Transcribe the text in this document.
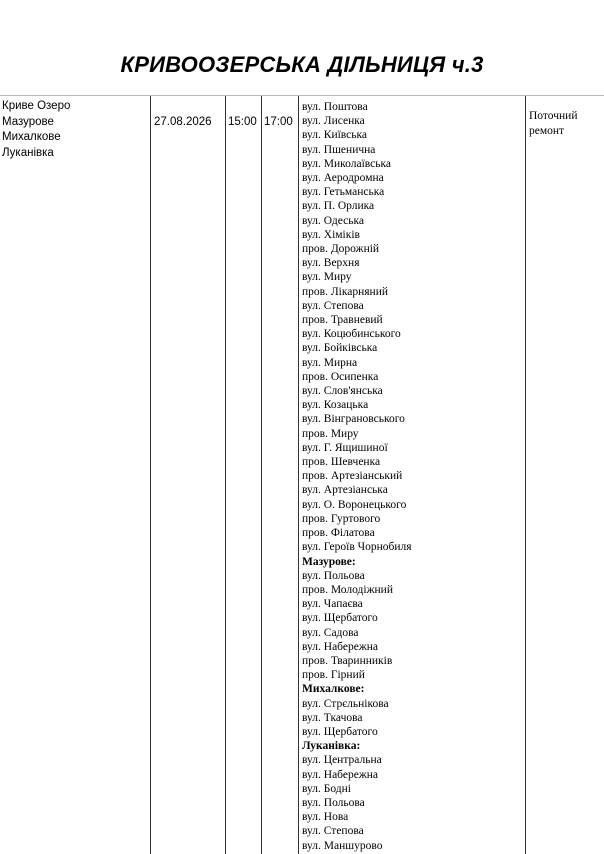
КРИВООЗЕРСЬКА ДІЛЬНИЦЯ ч.3
Криве Озеро
Мазурове
Михалкове
Луканівка
27.08.2026 15:00 17:00
вул. Поштова
вул. Лисенка
вул. Київська
вул. Пшенична
вул. Миколаївська
вул. Аеродромна
вул. Гетьманська
вул. П. Орлика
вул. Одеська
вул. Хіміків
пров. Дорожній
вул. Верхня
вул. Миру
пров. Лікарняний
вул. Степова
пров. Травневий
вул. Коцюбинського
вул. Бойківська
вул. Мирна
пров. Осипенка
вул. Слов'янська
вул. Козацька
вул. Вінграновського
пров. Миру
вул. Г. Ящишиної
пров. Шевченка
пров. Артезіанський
вул. Артезіанська
вул. О. Воронецького
пров. Гуртового
пров. Філатова
вул. Героїв Чорнобиля
Мазурове:
вул. Польова
пров. Молодіжний
вул. Чапаєва
вул. Щербатого
вул. Садова
вул. Набережна
пров. Тваринників
пров. Гірний
Михалкове:
вул. Стрєльнікова
вул. Ткачова
вул. Щербатого
Луканівка:
вул. Центральна
вул. Набережна
вул. Бодні
вул. Польова
вул. Нова
вул. Степова
вул. Маншурово
Поточний
ремонт
